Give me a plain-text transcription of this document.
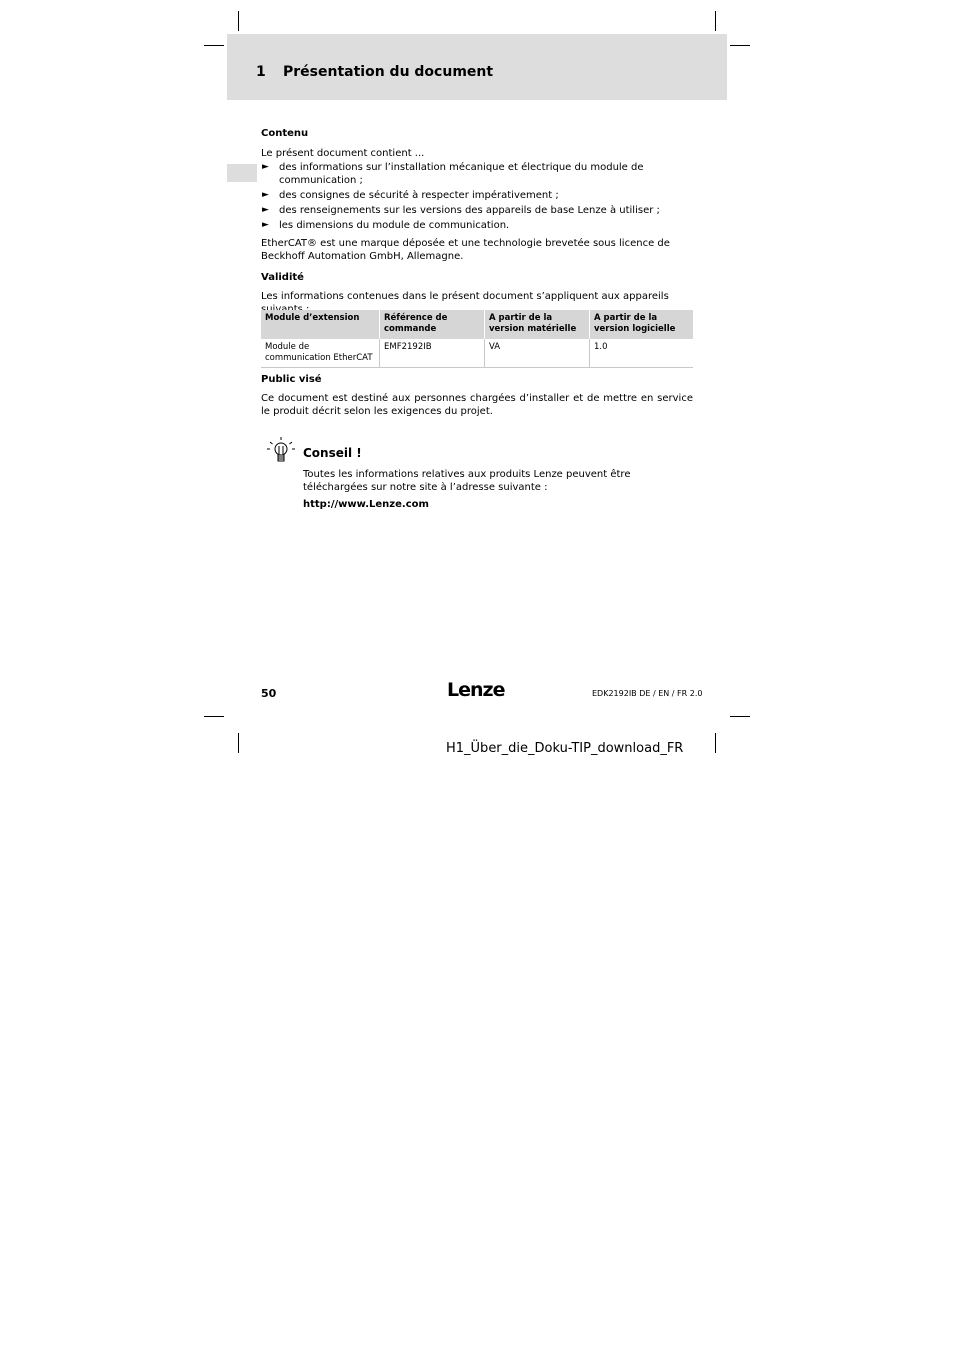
1 Présentation du document
Contenu
Le présent document contient ...
► des informations sur l’installation mécanique et électrique du module de communication ;
► des consignes de sécurité à respecter impérativement ;
► des renseignements sur les versions des appareils de base Lenze à utiliser ;
► les dimensions du module de communication.
EtherCAT® est une marque déposée et une technologie brevetée sous licence de Beckhoff Automation GmbH, Allemagne.
Validité
Les informations contenues dans le présent document s’appliquent aux appareils
Module d’extension	Référence de commande	A partir de la version matérielle	A partir de la version logicielle
Module de communication EtherCAT	EMF2192IB	VA	1.0
Public visé
Ce document est destiné aux personnes chargées d’installer et de mettre en service le produit décrit selon les exigences du projet.
Conseil !
Toutes les informations relatives aux produits Lenze peuvent être téléchargées sur notre site à l’adresse suivante :
http://www.Lenze.com
50	Lenze	EDK2192IB DE / EN / FR 2.0
H1_Über_die_Doku-TIP_download_FR
